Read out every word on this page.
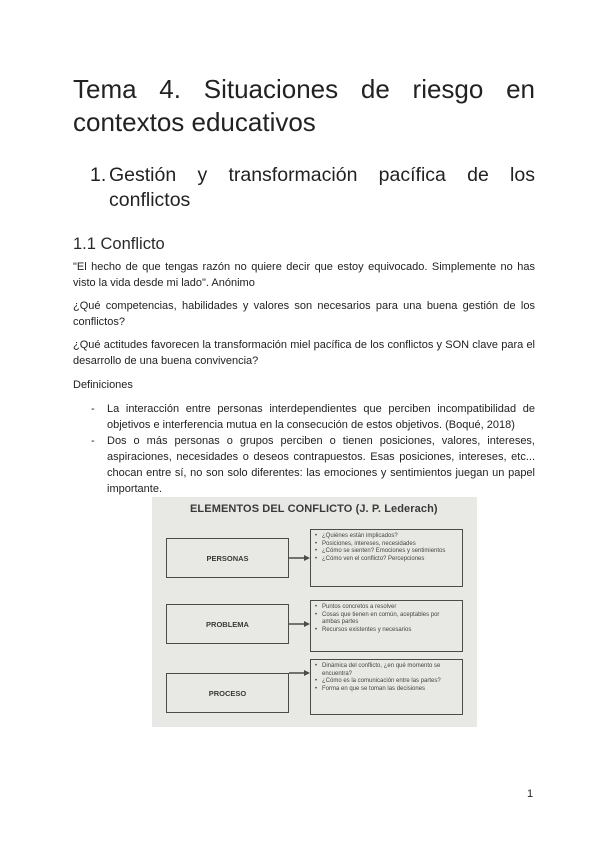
Tema 4. Situaciones de riesgo en contextos educativos
1. Gestión y transformación pacífica de los conflictos
1.1 Conflicto
"El hecho de que tengas razón no quiere decir que estoy equivocado. Simplemente no has visto la vida desde mi lado". Anónimo
¿Qué competencias, habilidades y valores son necesarios para una buena gestión de los conflictos?
¿Qué actitudes favorecen la transformación miel pacífica de los conflictos y SON clave para el desarrollo de una buena convivencia?
Definiciones
- La interacción entre personas interdependientes que perciben incompatibilidad de objetivos e interferencia mutua en la consecución de estos objetivos. (Boqué, 2018)
- Dos o más personas o grupos perciben o tienen posiciones, valores, intereses, aspiraciones, necesidades o deseos contrapuestos. Esas posiciones, intereses, etc... chocan entre sí, no son solo diferentes: las emociones y sentimientos juegan un papel importante.
ELEMENTOS DEL CONFLICTO (J. P. Lederach)
PERSONAS
• ¿Quiénes están implicados?
• Posiciones, intereses, necesidades
• ¿Cómo se sienten? Emociones y sentimientos
• ¿Cómo ven el conflicto? Percepciones
PROBLEMA
• Puntos concretos a resolver
• Cosas que tienen en común, aceptables por ambas partes
• Recursos existentes y necesarios
PROCESO
• Dinámica del conflicto, ¿en qué momento se encuentra?
• ¿Cómo es la comunicación entre las partes?
• Forma en que se toman las decisiones
1
